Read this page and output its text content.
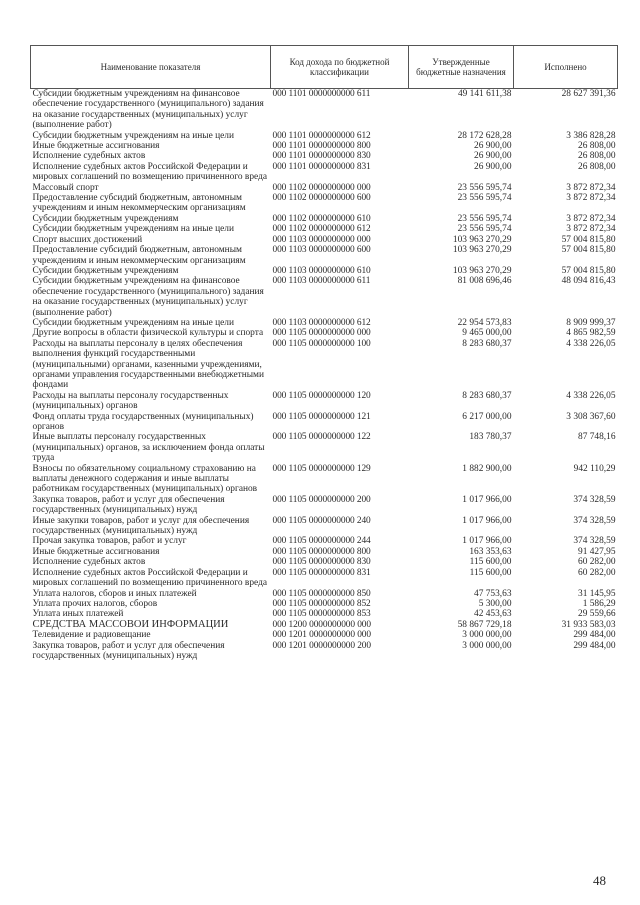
Наименование показателя	Код дохода по бюджетной классификации	Утвержденные бюджетные назначения	Исполнено
Субсидии бюджетным учреждениям на финансовое обеспечение государственного (муниципального) задания на оказание государственных (муниципальных) услуг (выполнение работ)	000 1101 0000000000 611	49 141 611,38	28 627 391,36
Субсидии бюджетным учреждениям на иные цели	000 1101 0000000000 612	28 172 628,28	3 386 828,28
Иные бюджетные ассигнования	000 1101 0000000000 800	26 900,00	26 808,00
Исполнение судебных актов	000 1101 0000000000 830	26 900,00	26 808,00
Исполнение судебных актов Российской Федерации и мировых соглашений по возмещению причиненного вреда	000 1101 0000000000 831	26 900,00	26 808,00
Массовый спорт	000 1102 0000000000 000	23 556 595,74	3 872 872,34
Предоставление субсидий бюджетным, автономным учреждениям и иным некоммерческим организациям	000 1102 0000000000 600	23 556 595,74	3 872 872,34
Субсидии бюджетным учреждениям	000 1102 0000000000 610	23 556 595,74	3 872 872,34
Субсидии бюджетным учреждениям на иные цели	000 1102 0000000000 612	23 556 595,74	3 872 872,34
Спорт высших достижений	000 1103 0000000000 000	103 963 270,29	57 004 815,80
Предоставление субсидий бюджетным, автономным учреждениям и иным некоммерческим организациям	000 1103 0000000000 600	103 963 270,29	57 004 815,80
Субсидии бюджетным учреждениям	000 1103 0000000000 610	103 963 270,29	57 004 815,80
Субсидии бюджетным учреждениям на финансовое обеспечение государственного (муниципального) задания на оказание государственных (муниципальных) услуг (выполнение работ)	000 1103 0000000000 611	81 008 696,46	48 094 816,43
Субсидии бюджетным учреждениям на иные цели	000 1103 0000000000 612	22 954 573,83	8 909 999,37
Другие вопросы в области физической культуры и спорта	000 1105 0000000000 000	9 465 000,00	4 865 982,59
Расходы на выплаты персоналу в целях обеспечения выполнения функций государственными (муниципальными) органами, казенными учреждениями, органами управления государственными внебюджетными фондами	000 1105 0000000000 100	8 283 680,37	4 338 226,05
Расходы на выплаты персоналу государственных (муниципальных) органов	000 1105 0000000000 120	8 283 680,37	4 338 226,05
Фонд оплаты труда государственных (муниципальных) органов	000 1105 0000000000 121	6 217 000,00	3 308 367,60
Иные выплаты персоналу государственных (муниципальных) органов, за исключением фонда оплаты труда	000 1105 0000000000 122	183 780,37	87 748,16
Взносы по обязательному социальному страхованию на выплаты денежного содержания и иные выплаты работникам государственных (муниципальных) органов	000 1105 0000000000 129	1 882 900,00	942 110,29
Закупка товаров, работ и услуг для обеспечения государственных (муниципальных) нужд	000 1105 0000000000 200	1 017 966,00	374 328,59
Иные закупки товаров, работ и услуг для обеспечения государственных (муниципальных) нужд	000 1105 0000000000 240	1 017 966,00	374 328,59
Прочая закупка товаров, работ и услуг	000 1105 0000000000 244	1 017 966,00	374 328,59
Иные бюджетные ассигнования	000 1105 0000000000 800	163 353,63	91 427,95
Исполнение судебных актов	000 1105 0000000000 830	115 600,00	60 282,00
Исполнение судебных актов Российской Федерации и мировых соглашений по возмещению причиненного вреда	000 1105 0000000000 831	115 600,00	60 282,00
Уплата налогов, сборов и иных платежей	000 1105 0000000000 850	47 753,63	31 145,95
Уплата прочих налогов, сборов	000 1105 0000000000 852	5 300,00	1 586,29
Уплата иных платежей	000 1105 0000000000 853	42 453,63	29 559,66
СРЕДСТВА МАССОВОЙ ИНФОРМАЦИИ	000 1200 0000000000 000	58 867 729,18	31 933 583,03
Телевидение и радиовещание	000 1201 0000000000 000	3 000 000,00	299 484,00
Закупка товаров, работ и услуг для обеспечения государственных (муниципальных) нужд	000 1201 0000000000 200	3 000 000,00	299 484,00
48
